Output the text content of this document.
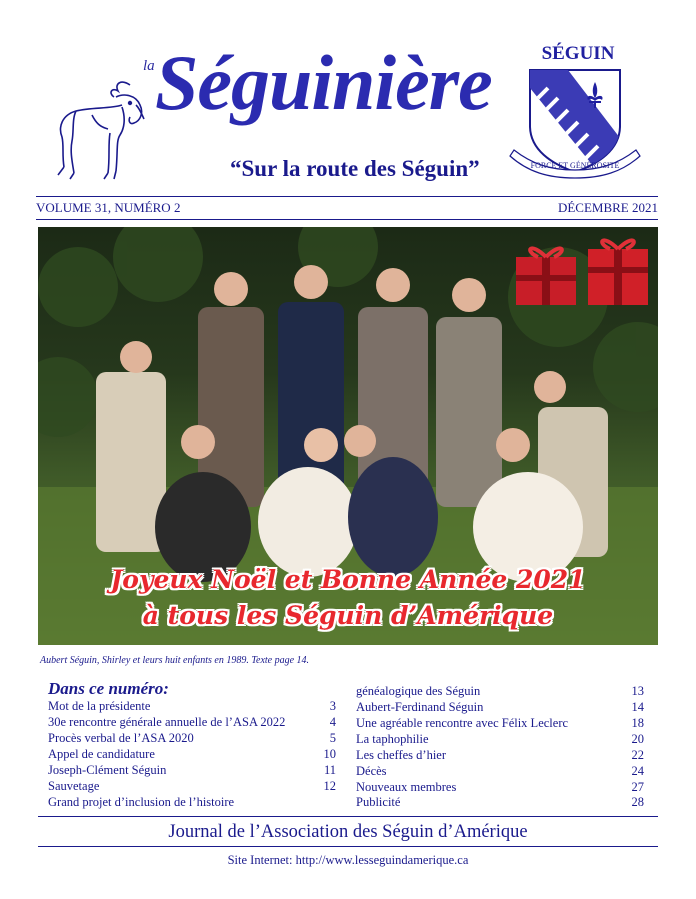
la Séguinière
“Sur la route des Séguin”
SÉGUIN
FORCE ET GÉNÉROSITÉ
VOLUME 31, NUMÉRO 2	DÉCEMBRE 2021
Joyeux Noël et Bonne Année 2021
à tous les Séguin d’Amérique
Aubert Séguin, Shirley et leurs huit enfants en 1989. Texte page 14.
Dans ce numéro:
Mot de la présidente	3
30e rencontre générale annuelle de l’ASA 2022	4
Procès verbal de l’ASA 2020	5
Appel de candidature	10
Joseph-Clément Séguin	11
Sauvetage	12
Grand projet d’inclusion de l’histoire
généalogique des Séguin	13
Aubert-Ferdinand Séguin	14
Une agréable rencontre avec Félix Leclerc	18
La taphophilie	20
Les cheffes d’hier	22
Décès	24
Nouveaux membres	27
Publicité	28
Journal de l’Association des Séguin d’Amérique
Site Internet: http://www.lesseguindamerique.ca
